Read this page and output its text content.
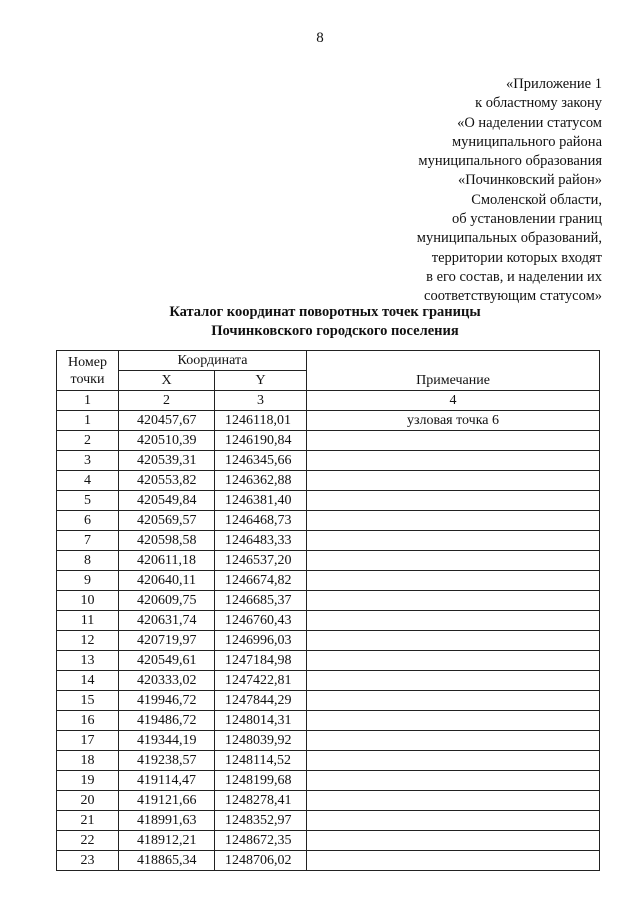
8
«Приложение 1
к областному закону
«О наделении статусом
муниципального района
муниципального образования
«Починковский район»
Смоленской области,
об установлении границ
муниципальных образований,
территории которых входят
в его состав, и наделении их
соответствующим статусом»
Каталог координат поворотных точек границы
Починковского городского поселения
Номер точки	Координата		Примечание
	X	Y	
1	2	3	4
1	420457,67	1246118,01	узловая точка 6
2	420510,39	1246190,84	
3	420539,31	1246345,66	
4	420553,82	1246362,88	
5	420549,84	1246381,40	
6	420569,57	1246468,73	
7	420598,58	1246483,33	
8	420611,18	1246537,20	
9	420640,11	1246674,82	
10	420609,75	1246685,37	
11	420631,74	1246760,43	
12	420719,97	1246996,03	
13	420549,61	1247184,98	
14	420333,02	1247422,81	
15	419946,72	1247844,29	
16	419486,72	1248014,31	
17	419344,19	1248039,92	
18	419238,57	1248114,52	
19	419114,47	1248199,68	
20	419121,66	1248278,41	
21	418991,63	1248352,97	
22	418912,21	1248672,35	
23	418865,34	1248706,02	
